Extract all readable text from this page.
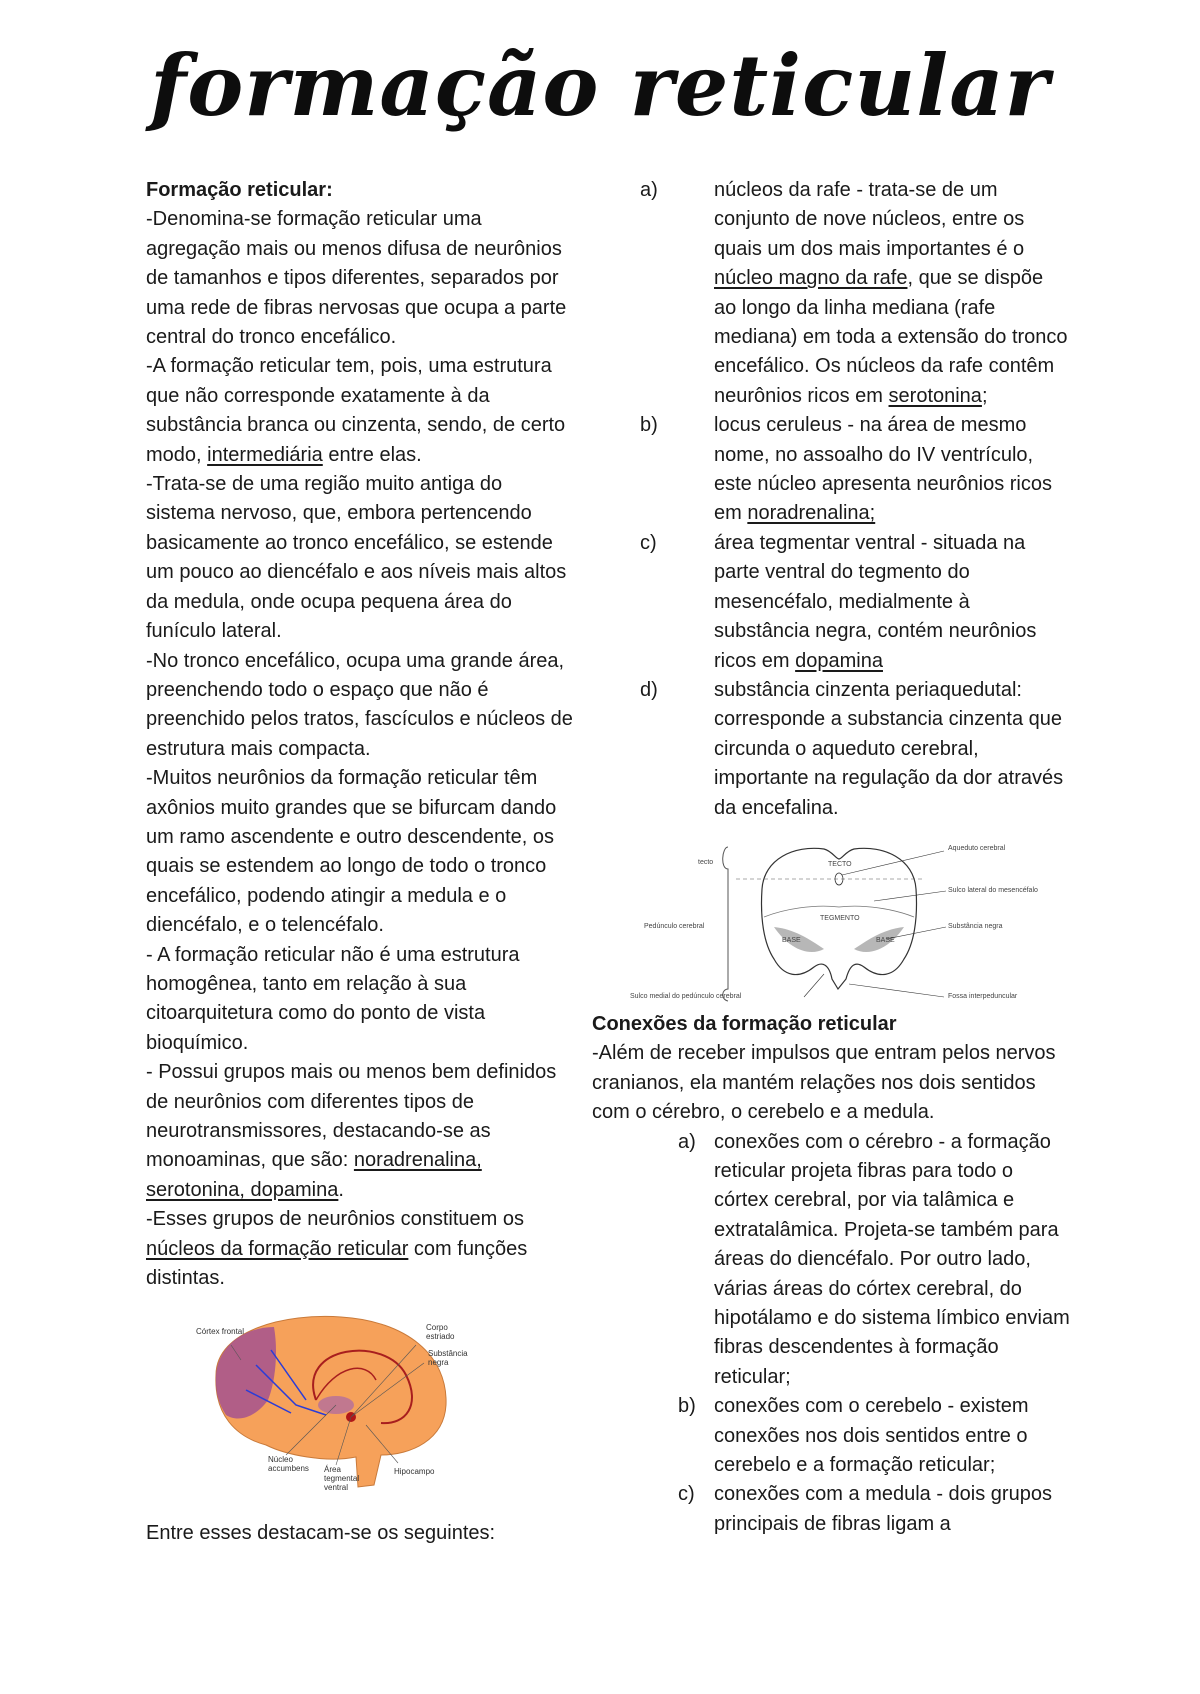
formação reticular

Formação reticular:

-Denomina-se formação reticular uma agregação mais ou menos difusa de neurônios de tamanhos e tipos diferentes, separados por uma rede de fibras nervosas que ocupa a parte central do tronco encefálico.

-A formação reticular tem, pois, uma estrutura que não corresponde exatamente à da substância branca ou cinzenta, sendo, de certo modo, intermediária entre elas.

-Trata-se de uma região muito antiga do sistema nervoso, que, embora pertencendo basicamente ao tronco encefálico, se estende um pouco ao diencéfalo e aos níveis mais altos da medula, onde ocupa pequena área do funículo lateral.

-No tronco encefálico, ocupa uma grande área, preenchendo todo o espaço que não é preenchido pelos tratos, fascículos e núcleos de estrutura mais compacta.

-Muitos neurônios da formação reticular têm axônios muito grandes que se bifurcam dando um ramo ascendente e outro descendente, os quais se estendem ao longo de todo o tronco encefálico, podendo atingir a medula e o diencéfalo, e o telencéfalo.

- A formação reticular não é uma estrutura homogênea, tanto em relação à sua citoarquitetura como do ponto de vista bioquímico.

- Possui grupos mais ou menos bem definidos de neurônios com diferentes tipos de neurotransmissores, destacando-se as monoaminas, que são: noradrenalina, serotonina, dopamina.

-Esses grupos de neurônios constituem os núcleos da formação reticular com funções distintas.

Córtex frontal	Corpo estriado
Substância negra
Núcleo accumbens	Área tegmental ventral
Hipocampo

Entre esses destacam-se os seguintes:

a)	núcleos da rafe - trata-se de um conjunto de nove núcleos, entre os quais um dos mais importantes é o núcleo magno da rafe, que se dispõe ao longo da linha mediana (rafe mediana) em toda a extensão do tronco encefálico. Os núcleos da rafe contêm neurônios ricos em serotonina;

b)	locus ceruleus - na área de mesmo nome, no assoalho do IV ventrículo, este núcleo apresenta neurônios ricos em noradrenalina;

c)	área tegmentar ventral - situada na parte ventral do tegmento do mesencéfalo, medialmente à substância negra, contém neurônios ricos em dopamina

d)	substância cinzenta periaquedutal: corresponde a substancia cinzenta que circunda o aqueduto cerebral, importante na regulação da dor através da encefalina.

tecto	TECTO
Pedúnculo cerebral
TEGMENTO
BASE	BASE
Aqueduto cerebral
Sulco lateral do mesencéfalo
Substância negra
Sulco medial do pedúnculo cerebral	Fossa interpeduncular

Conexões da formação reticular

-Além de receber impulsos que entram pelos nervos cranianos, ela mantém relações nos dois sentidos com o cérebro, o cerebelo e a medula.

a) conexões com o cérebro - a formação reticular projeta fibras para todo o córtex cerebral, por via talâmica e extratalâmica. Projeta-se também para áreas do diencéfalo. Por outro lado, várias áreas do córtex cerebral, do hipotálamo e do sistema límbico enviam fibras descendentes à formação reticular;

b) conexões com o cerebelo - existem conexões nos dois sentidos entre o cerebelo e a formação reticular;

c) conexões com a medula - dois grupos principais de fibras ligam a
